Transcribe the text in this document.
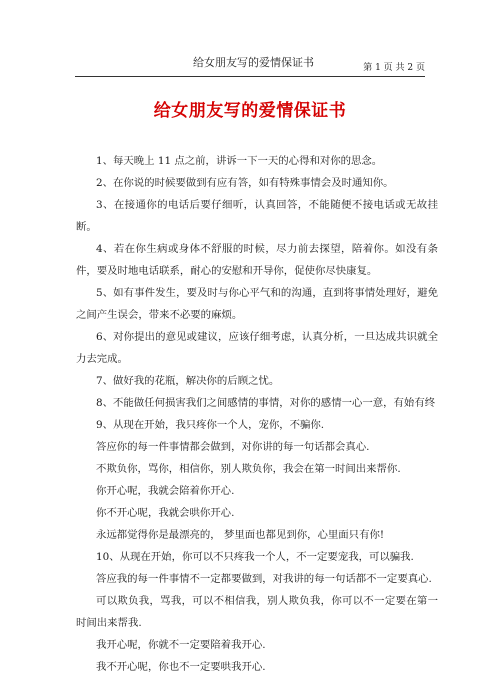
给女朋友写的爱情保证书	第 1 页 共 2 页
给女朋友写的爱情保证书

1、每天晚上 11 点之前，讲诉一下一天的心得和对你的思念。

2、在你说的时候要做到有应有答，如有特殊事情会及时通知你。

3、在接通你的电话后要仔细听，认真回答，不能随便不接电话或无故挂断。

4、若在你生病或身体不舒服的时候，尽力前去探望，陪着你。如没有条件，要及时地电话联系，耐心的安慰和开导你，促使你尽快康复。

5、如有事件发生，要及时与你心平气和的沟通，直到将事情处理好，避免之间产生误会，带来不必要的麻烦。

6、对你提出的意见或建议，应该仔细考虑，认真分析，一旦达成共识就全力去完成。

7、做好我的花瓶，解决你的后顾之忧。

8、不能做任何损害我们之间感情的事情，对你的感情一心一意，有始有终

9、从现在开始，我只疼你一个人，宠你，不骗你.

答应你的每一件事情都会做到，对你讲的每一句话都会真心.

不欺负你，骂你，相信你，别人欺负你，我会在第一时间出来帮你.

你开心呢，我就会陪着你开心.

你不开心呢，我就会哄你开心.

永远都觉得你是最漂亮的， 梦里面也都见到你，心里面只有你!

10、从现在开始，你可以不只疼我一个人，不一定要宠我，可以骗我.

答应我的每一件事情不一定都要做到，对我讲的每一句话都不一定要真心.

可以欺负我，骂我，可以不相信我，别人欺负我，你可以不一定要在第一时间出来帮我.

我开心呢，你就不一定要陪着我开心.

我不开心呢，你也不一定要哄我开心.
